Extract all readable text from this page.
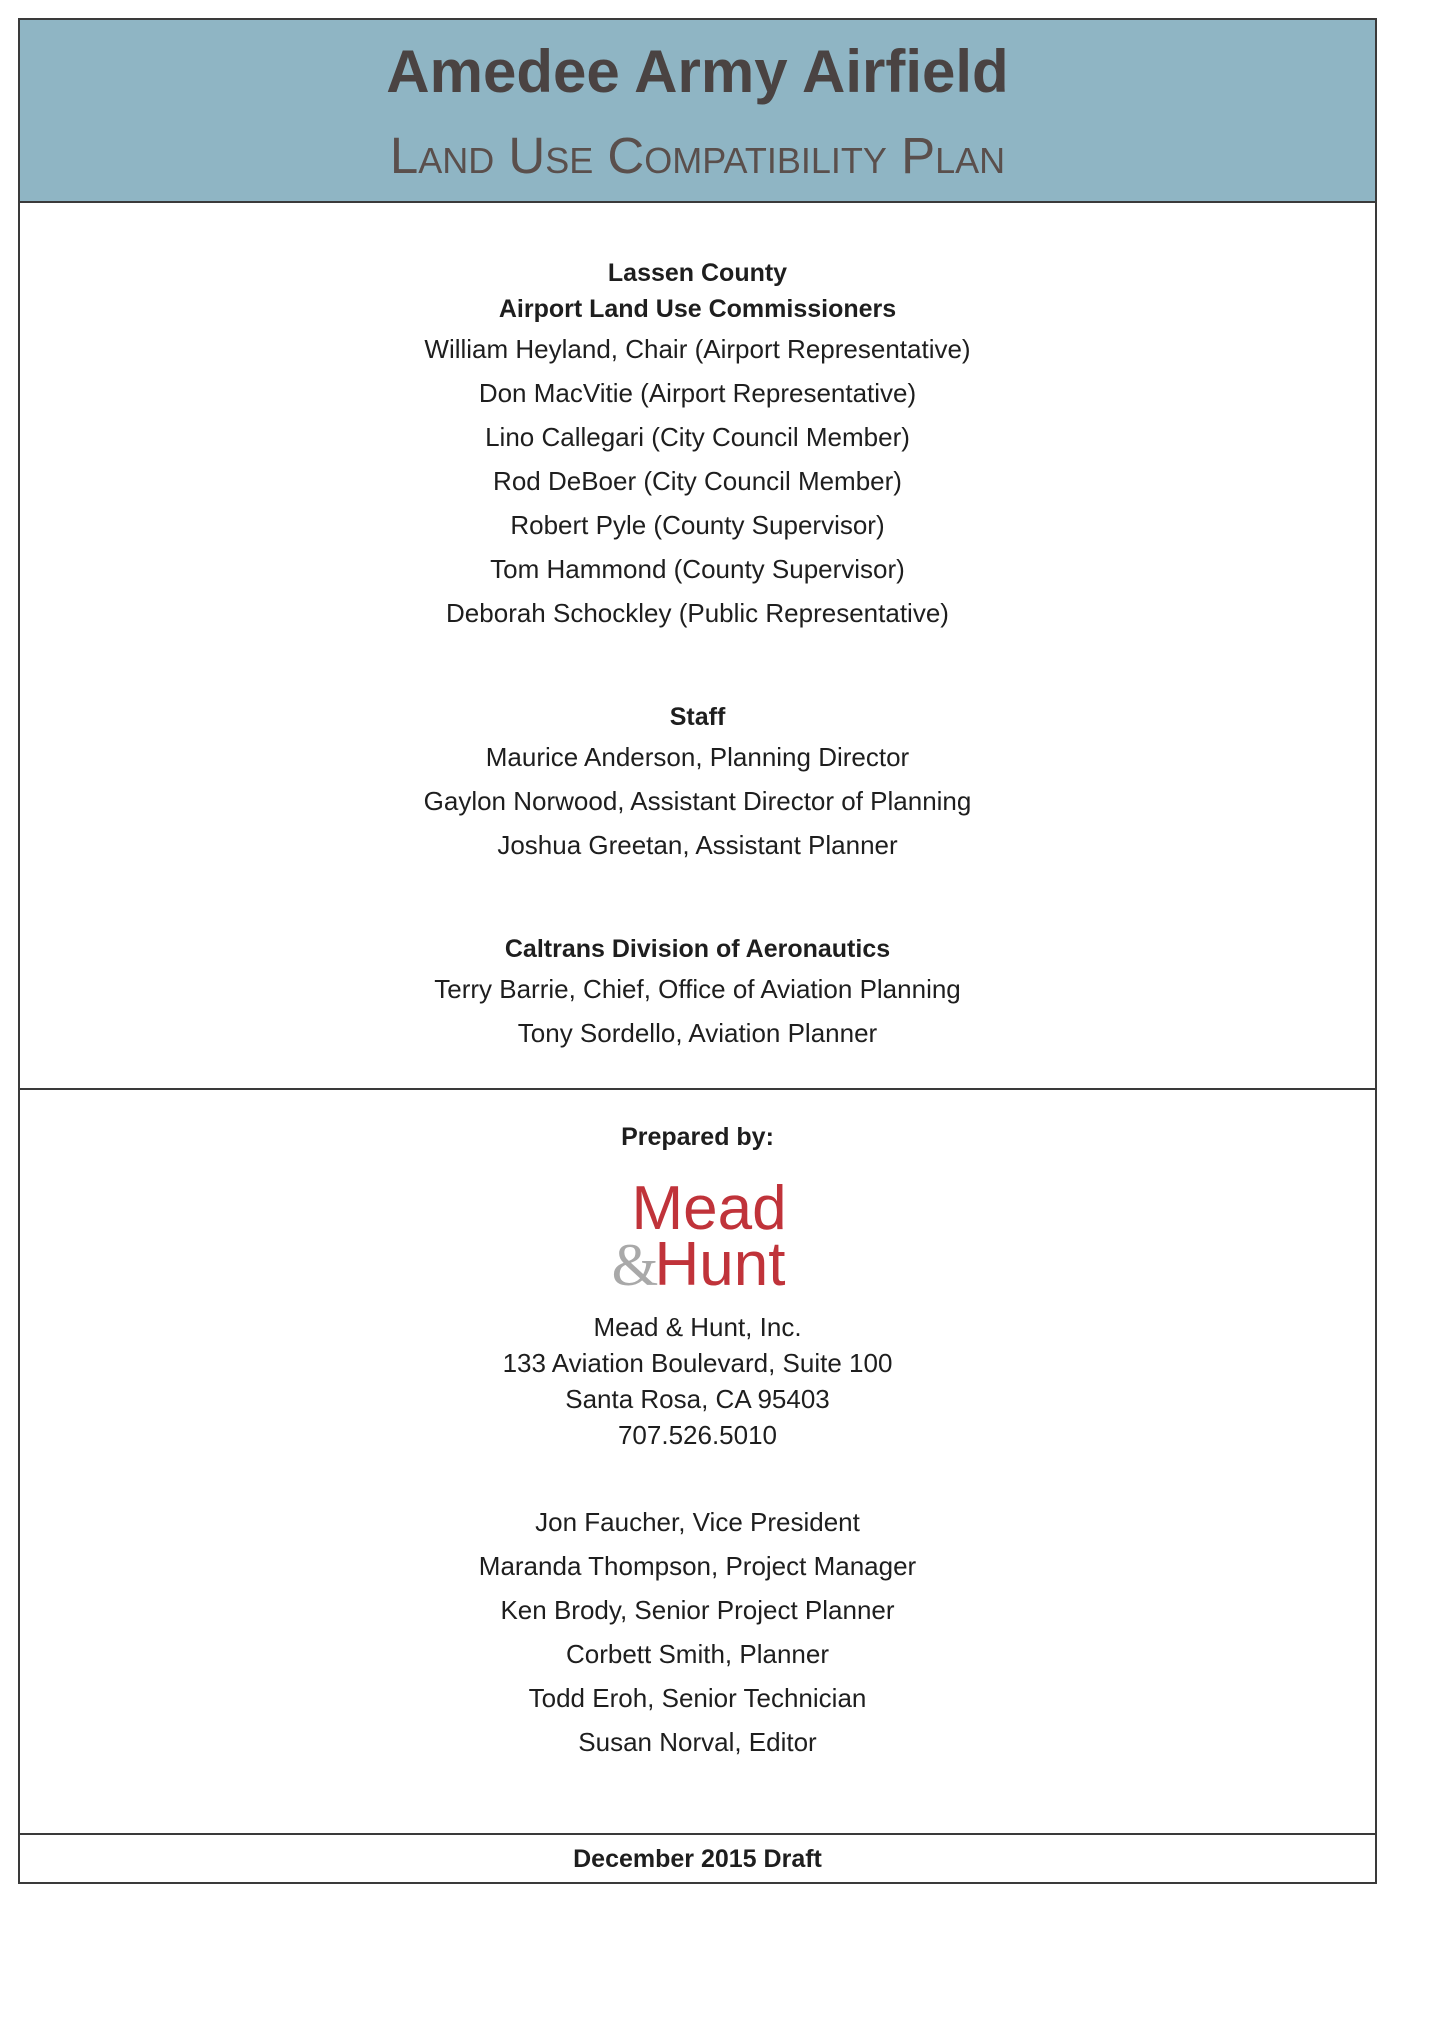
Amedee Army Airfield
Land Use Compatibility Plan

Lassen County

Airport Land Use Commissioners

William Heyland, Chair (Airport Representative)

Don MacVitie (Airport Representative)

Lino Callegari (City Council Member)

Rod DeBoer (City Council Member)

Robert Pyle (County Supervisor)

Tom Hammond (County Supervisor)

Deborah Schockley (Public Representative)

Staff

Maurice Anderson, Planning Director

Gaylon Norwood, Assistant Director of Planning

Joshua Greetan, Assistant Planner

Caltrans Division of Aeronautics

Terry Barrie, Chief, Office of Aviation Planning

Tony Sordello, Aviation Planner

Prepared by:

Mead
&
Hunt

Mead & Hunt, Inc.

133 Aviation Boulevard, Suite 100

Santa Rosa, CA 95403

707.526.5010

Jon Faucher, Vice President

Maranda Thompson, Project Manager

Ken Brody, Senior Project Planner

Corbett Smith, Planner

Todd Eroh, Senior Technician

Susan Norval, Editor

December 2015 Draft
